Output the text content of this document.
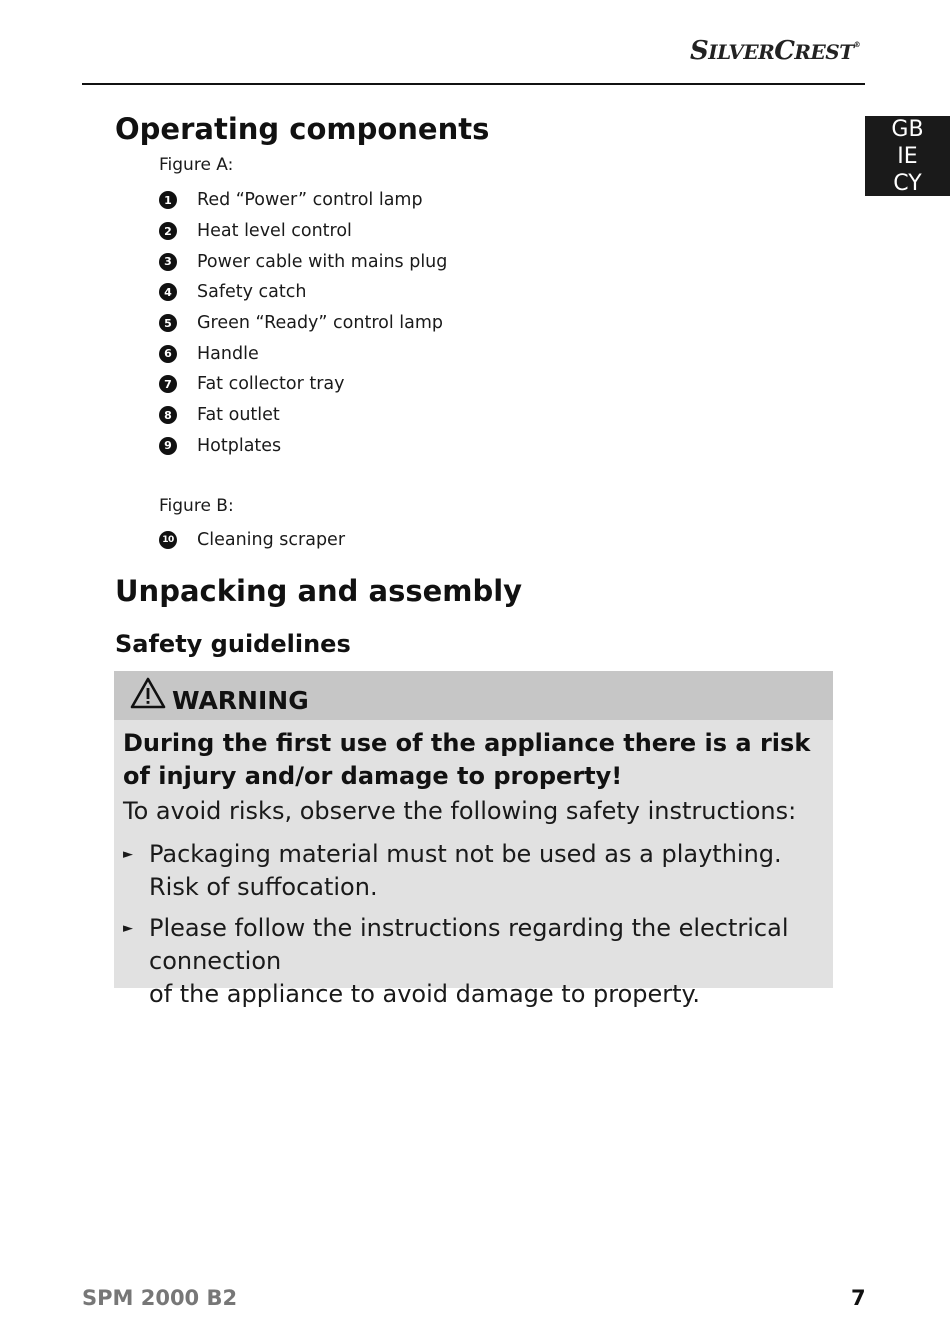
SILVERCREST®
GB
IE
CY
Operating components
Figure A:
1 Red “Power” control lamp
2 Heat level control
3 Power cable with mains plug
4 Safety catch
5 Green “Ready” control lamp
6 Handle
7 Fat collector tray
8 Fat outlet
9 Hotplates
Figure B:
10 Cleaning scraper
Unpacking and assembly
Safety guidelines
WARNING
During the first use of the appliance there is a risk of injury and/or damage to property!
To avoid risks, observe the following safety instructions:
► Packaging material must not be used as a plaything.
Risk of suffocation.
► Please follow the instructions regarding the electrical connection
of the appliance to avoid damage to property.
SPM 2000 B2	7
